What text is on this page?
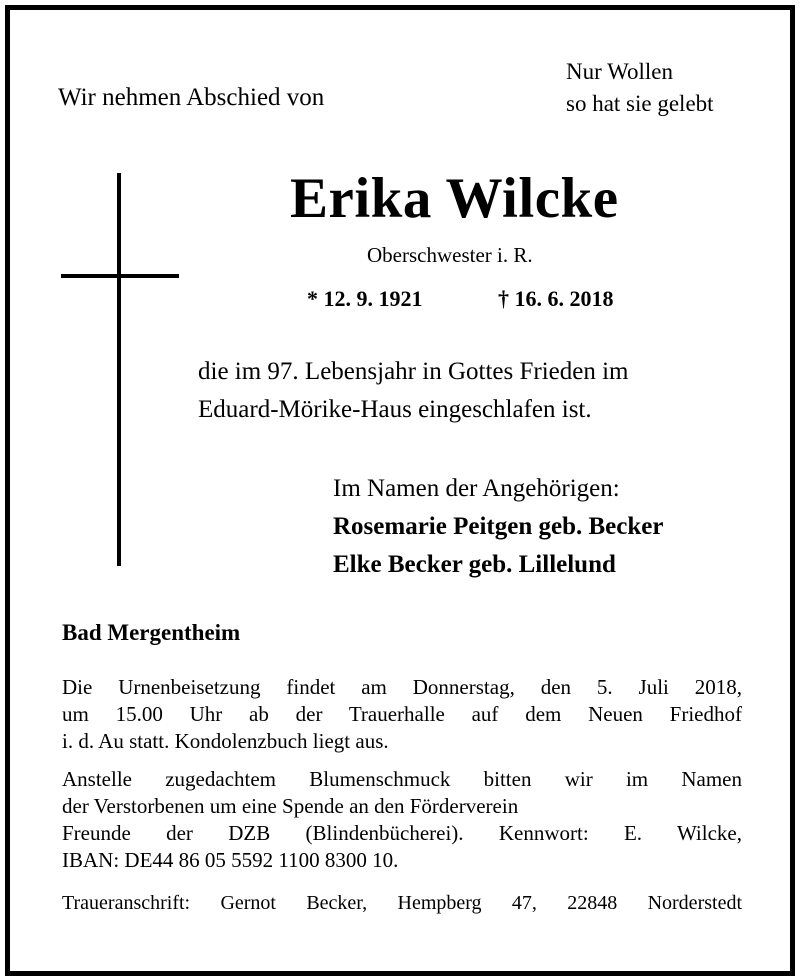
Wir nehmen Abschied von
Nur Wollen
so hat sie gelebt
Erika Wilcke
Oberschwester i. R.
* 12. 9. 1921	† 16. 6. 2018
die im 97. Lebensjahr in Gottes Frieden im
Eduard-Mörike-Haus eingeschlafen ist.
Im Namen der Angehörigen:
Rosemarie Peitgen geb. Becker
Elke Becker geb. Lillelund
Bad Mergentheim
Die Urnenbeisetzung findet am Donnerstag, den 5. Juli 2018,
um 15.00 Uhr ab der Trauerhalle auf dem Neuen Friedhof
i. d. Au statt. Kondolenzbuch liegt aus.
Anstelle zugedachtem Blumenschmuck bitten wir im Namen
der Verstorbenen um eine Spende an den Förderverein
Freunde der DZB (Blindenbücherei). Kennwort: E. Wilcke,
IBAN: DE44 86 05 5592 1100 8300 10.
Traueranschrift: Gernot Becker, Hempberg 47, 22848 Norderstedt
